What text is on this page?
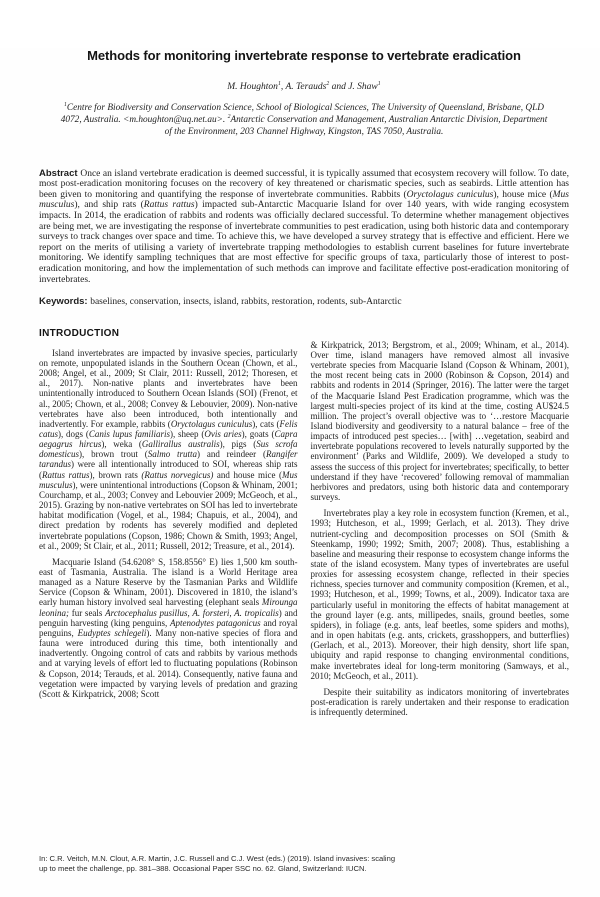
Methods for monitoring invertebrate response to vertebrate eradication
M. Houghton$^1$, A. Terauds$^2$ and J. Shaw$^1$
$^1$Centre for Biodiversity and Conservation Science, School of Biological Sciences, The University of Queensland, Brisbane, QLD 4072, Australia. <m.houghton@uq.net.au>. $^2$Antarctic Conservation and Management, Australian Antarctic Division, Department of the Environment, 203 Channel Highway, Kingston, TAS 7050, Australia.

Abstract Once an island vertebrate eradication is deemed successful, it is typically assumed that ecosystem recovery will follow. To date, most post-eradication monitoring focuses on the recovery of key threatened or charismatic species, such as seabirds. Little attention has been given to monitoring and quantifying the response of invertebrate communities. Rabbits (Oryctolagus cuniculus), house mice (Mus musculus), and ship rats (Rattus rattus) impacted sub-Antarctic Macquarie Island for over 140 years, with wide ranging ecosystem impacts. In 2014, the eradication of rabbits and rodents was officially declared successful. To determine whether management objectives are being met, we are investigating the response of invertebrate communities to pest eradication, using both historic data and contemporary surveys to track changes over space and time. To achieve this, we have developed a survey strategy that is effective and efficient. Here we report on the merits of utilising a variety of invertebrate trapping methodologies to establish current baselines for future invertebrate monitoring. We identify sampling techniques that are most effective for specific groups of taxa, particularly those of interest to post-eradication monitoring, and how the implementation of such methods can improve and facilitate effective post-eradication monitoring of invertebrates.

Keywords: baselines, conservation, insects, island, rabbits, restoration, rodents, sub-Antarctic

INTRODUCTION

Island invertebrates are impacted by invasive species, particularly on remote, unpopulated islands in the Southern Ocean (Chown, et al., 2008; Angel, et al., 2009; St Clair, 2011: Russell, 2012; Thoresen, et al., 2017). Non-native plants and invertebrates have been unintentionally introduced to Southern Ocean Islands (SOI) (Frenot, et al., 2005; Chown, et al., 2008; Convey & Lebouvier, 2009). Non-native vertebrates have also been introduced, both intentionally and inadvertently. For example, rabbits (Oryctolagus cuniculus), cats (Felis catus), dogs (Canis lupus familiaris), sheep (Ovis aries), goats (Capra aegagrus hircus), weka (Gallirallus australis), pigs (Sus scrofa domesticus), brown trout (Salmo trutta) and reindeer (Rangifer tarandus) were all intentionally introduced to SOI, whereas ship rats (Rattus rattus), brown rats (Rattus norvegicus) and house mice (Mus musculus), were unintentional introductions (Copson & Whinam, 2001; Courchamp, et al., 2003; Convey and Lebouvier 2009; McGeoch, et al., 2015). Grazing by non-native vertebrates on SOI has led to invertebrate habitat modification (Vogel, et al., 1984; Chapuis, et al., 2004), and direct predation by rodents has severely modified and depleted invertebrate populations (Copson, 1986; Chown & Smith, 1993; Angel, et al., 2009; St Clair, et al., 2011; Russell, 2012; Treasure, et al., 2014).

Macquarie Island (54.6208° S, 158.8556° E) lies 1,500 km south-east of Tasmania, Australia. The island is a World Heritage area managed as a Nature Reserve by the Tasmanian Parks and Wildlife Service (Copson & Whinam, 2001). Discovered in 1810, the island’s early human history involved seal harvesting (elephant seals Mirounga leonina; fur seals Arctocephalus pusillus, A. forsteri, A. tropicalis) and penguin harvesting (king penguins, Aptenodytes patagonicus and royal penguins, Eudyptes schlegeli). Many non-native species of flora and fauna were introduced during this time, both intentionally and inadvertently. Ongoing control of cats and rabbits by various methods and at varying levels of effort led to fluctuating populations (Robinson & Copson, 2014; Terauds, et al. 2014). Consequently, native fauna and vegetation were impacted by varying levels of predation and grazing (Scott & Kirkpatrick, 2008; Scott

& Kirkpatrick, 2013; Bergstrom, et al., 2009; Whinam, et al., 2014). Over time, island managers have removed almost all invasive vertebrate species from Macquarie Island (Copson & Whinam, 2001), the most recent being cats in 2000 (Robinson & Copson, 2014) and rabbits and rodents in 2014 (Springer, 2016). The latter were the target of the Macquarie Island Pest Eradication programme, which was the largest multi-species project of its kind at the time, costing AU$24.5 million. The project’s overall objective was to ‘…restore Macquarie Island biodiversity and geodiversity to a natural balance – free of the impacts of introduced pest species… [with] …vegetation, seabird and invertebrate populations recovered to levels naturally supported by the environment’ (Parks and Wildlife, 2009). We developed a study to assess the success of this project for invertebrates; specifically, to better understand if they have ‘recovered’ following removal of mammalian herbivores and predators, using both historic data and contemporary surveys.

Invertebrates play a key role in ecosystem function (Kremen, et al., 1993; Hutcheson, et al., 1999; Gerlach, et al. 2013). They drive nutrient-cycling and decomposition processes on SOI (Smith & Steenkamp, 1990; 1992; Smith, 2007; 2008). Thus, establishing a baseline and measuring their response to ecosystem change informs the state of the island ecosystem. Many types of invertebrates are useful proxies for assessing ecosystem change, reflected in their species richness, species turnover and community composition (Kremen, et al., 1993; Hutcheson, et al., 1999; Towns, et al., 2009). Indicator taxa are particularly useful in monitoring the effects of habitat management at the ground layer (e.g. ants, millipedes, snails, ground beetles, some spiders), in foliage (e.g. ants, leaf beetles, some spiders and moths), and in open habitats (e.g. ants, crickets, grasshoppers, and butterflies) (Gerlach, et al., 2013). Moreover, their high density, short life span, ubiquity and rapid response to changing environmental conditions, make invertebrates ideal for long-term monitoring (Samways, et al., 2010; McGeoch, et al., 2011).

Despite their suitability as indicators monitoring of invertebrates post-eradication is rarely undertaken and their response to eradication is infrequently determined.

In: C.R. Veitch, M.N. Clout, A.R. Martin, J.C. Russell and C.J. West (eds.) (2019). Island invasives: scaling
up to meet the challenge, pp. 381–388. Occasional Paper SSC no. 62. Gland, Switzerland: IUCN.
